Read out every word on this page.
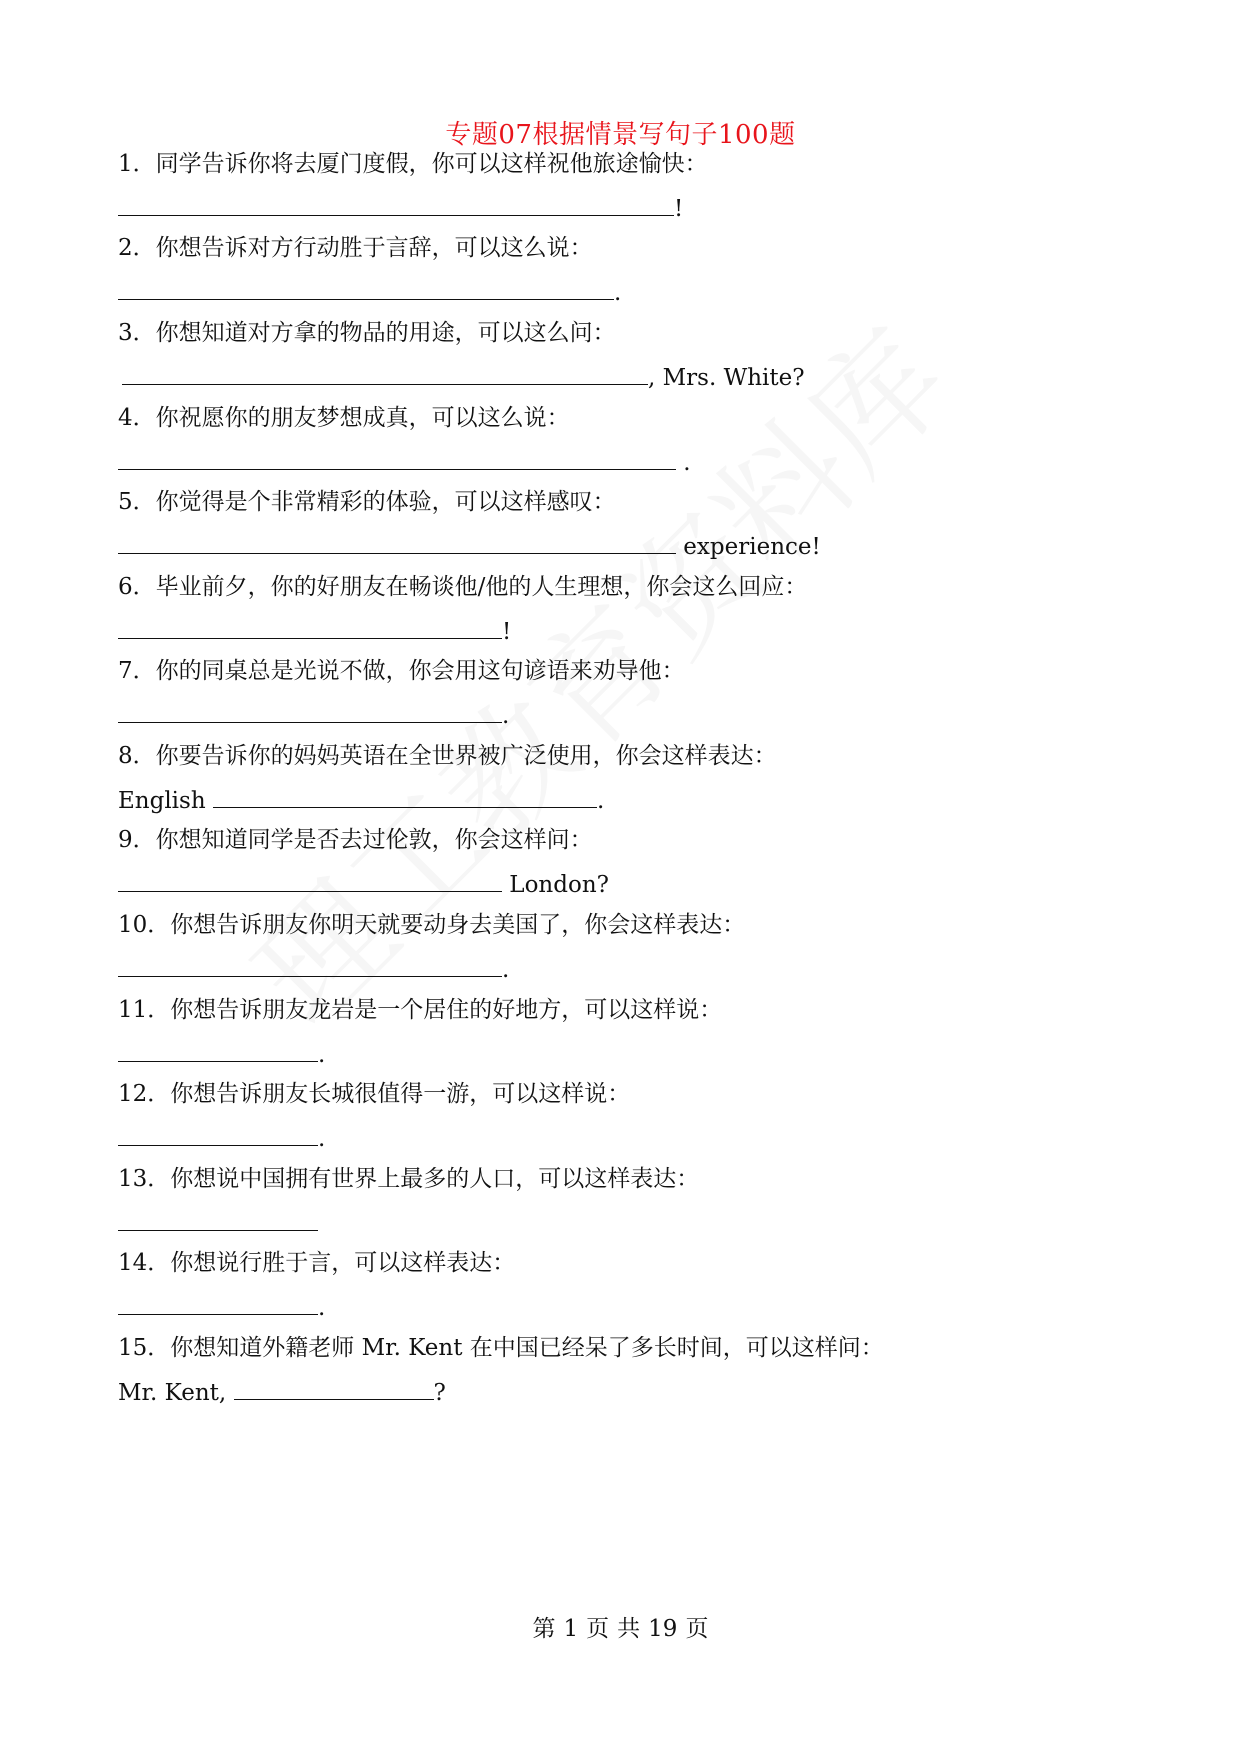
专题07根据情景写句子100题
1．同学告诉你将去厦门度假，你可以这样祝他旅途愉快：
!
2．你想告诉对方行动胜于言辞，可以这么说：
.
3．你想知道对方拿的物品的用途，可以这么问：
, Mrs. White?
4．你祝愿你的朋友梦想成真，可以这么说：
.
5．你觉得是个非常精彩的体验，可以这样感叹：
experience!
6．毕业前夕，你的好朋友在畅谈他/他的人生理想，你会这么回应：
!
7．你的同桌总是光说不做，你会用这句谚语来劝导他：
.
8．你要告诉你的妈妈英语在全世界被广泛使用，你会这样表达：
English	.
9．你想知道同学是否去过伦敦，你会这样问：
London?
10．你想告诉朋友你明天就要动身去美国了，你会这样表达：
.
11．你想告诉朋友龙岩是一个居住的好地方，可以这样说：
.
12．你想告诉朋友长城很值得一游，可以这样说：
.
13．你想说中国拥有世界上最多的人口，可以这样表达：
14．你想说行胜于言，可以这样表达：
.
15．你想知道外籍老师 Mr. Kent 在中国已经呆了多长时间，可以这样问：
Mr. Kent,	?
第 1 页 共 19 页
